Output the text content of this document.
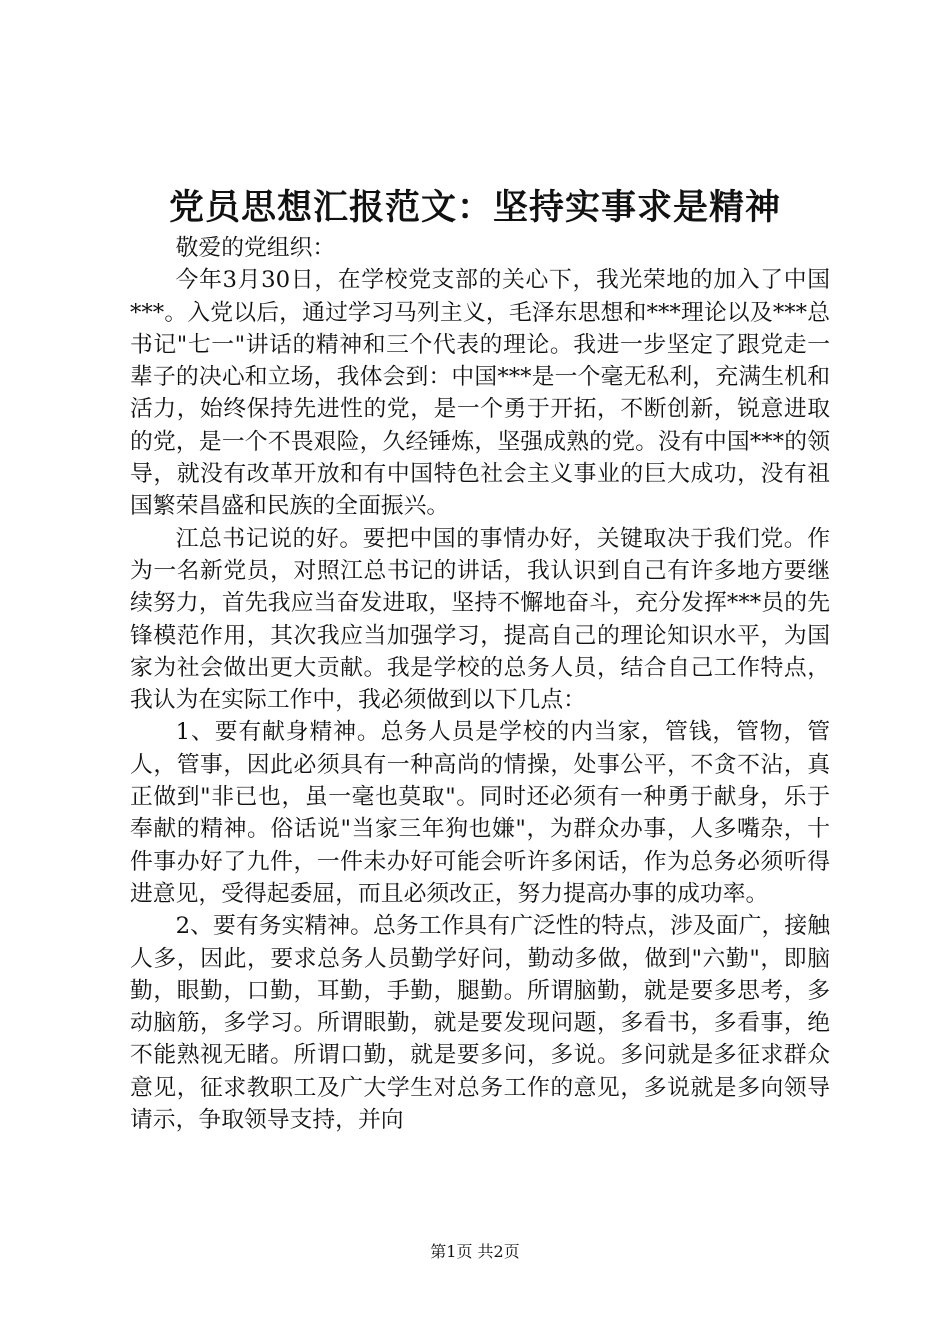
党员思想汇报范文：坚持实事求是精神

敬爱的党组织：

今年3月30日，在学校党支部的关心下，我光荣地的加入了中国***。入党以后，通过学习马列主义，毛泽东思想和***理论以及***总书记"七一"讲话的精神和三个代表的理论。我进一步坚定了跟党走一辈子的决心和立场，我体会到：中国***是一个毫无私利，充满生机和活力，始终保持先进性的党，是一个勇于开拓，不断创新，锐意进取的党，是一个不畏艰险，久经锤炼，坚强成熟的党。没有中国***的领导，就没有改革开放和有中国特色社会主义事业的巨大成功，没有祖国繁荣昌盛和民族的全面振兴。

江总书记说的好。要把中国的事情办好，关键取决于我们党。作为一名新党员，对照江总书记的讲话，我认识到自己有许多地方要继续努力，首先我应当奋发进取，坚持不懈地奋斗，充分发挥***员的先锋模范作用，其次我应当加强学习，提高自己的理论知识水平，为国家为社会做出更大贡献。我是学校的总务人员，结合自己工作特点，我认为在实际工作中，我必须做到以下几点：

1、要有献身精神。总务人员是学校的内当家，管钱，管物，管人，管事，因此必须具有一种高尚的情操，处事公平，不贪不沾，真正做到"非已也，虽一毫也莫取"。同时还必须有一种勇于献身，乐于奉献的精神。俗话说"当家三年狗也嫌"，为群众办事，人多嘴杂，十件事办好了九件，一件未办好可能会听许多闲话，作为总务必须听得进意见，受得起委屈，而且必须改正，努力提高办事的成功率。

2、要有务实精神。总务工作具有广泛性的特点，涉及面广，接触人多，因此，要求总务人员勤学好问，勤动多做，做到"六勤"，即脑勤，眼勤，口勤，耳勤，手勤，腿勤。所谓脑勤，就是要多思考，多动脑筋，多学习。所谓眼勤，就是要发现问题，多看书，多看事，绝不能熟视无睹。所谓口勤，就是要多问，多说。多问就是多征求群众意见，征求教职工及广大学生对总务工作的意见，多说就是多向领导请示，争取领导支持，并向

第1页 共2页
